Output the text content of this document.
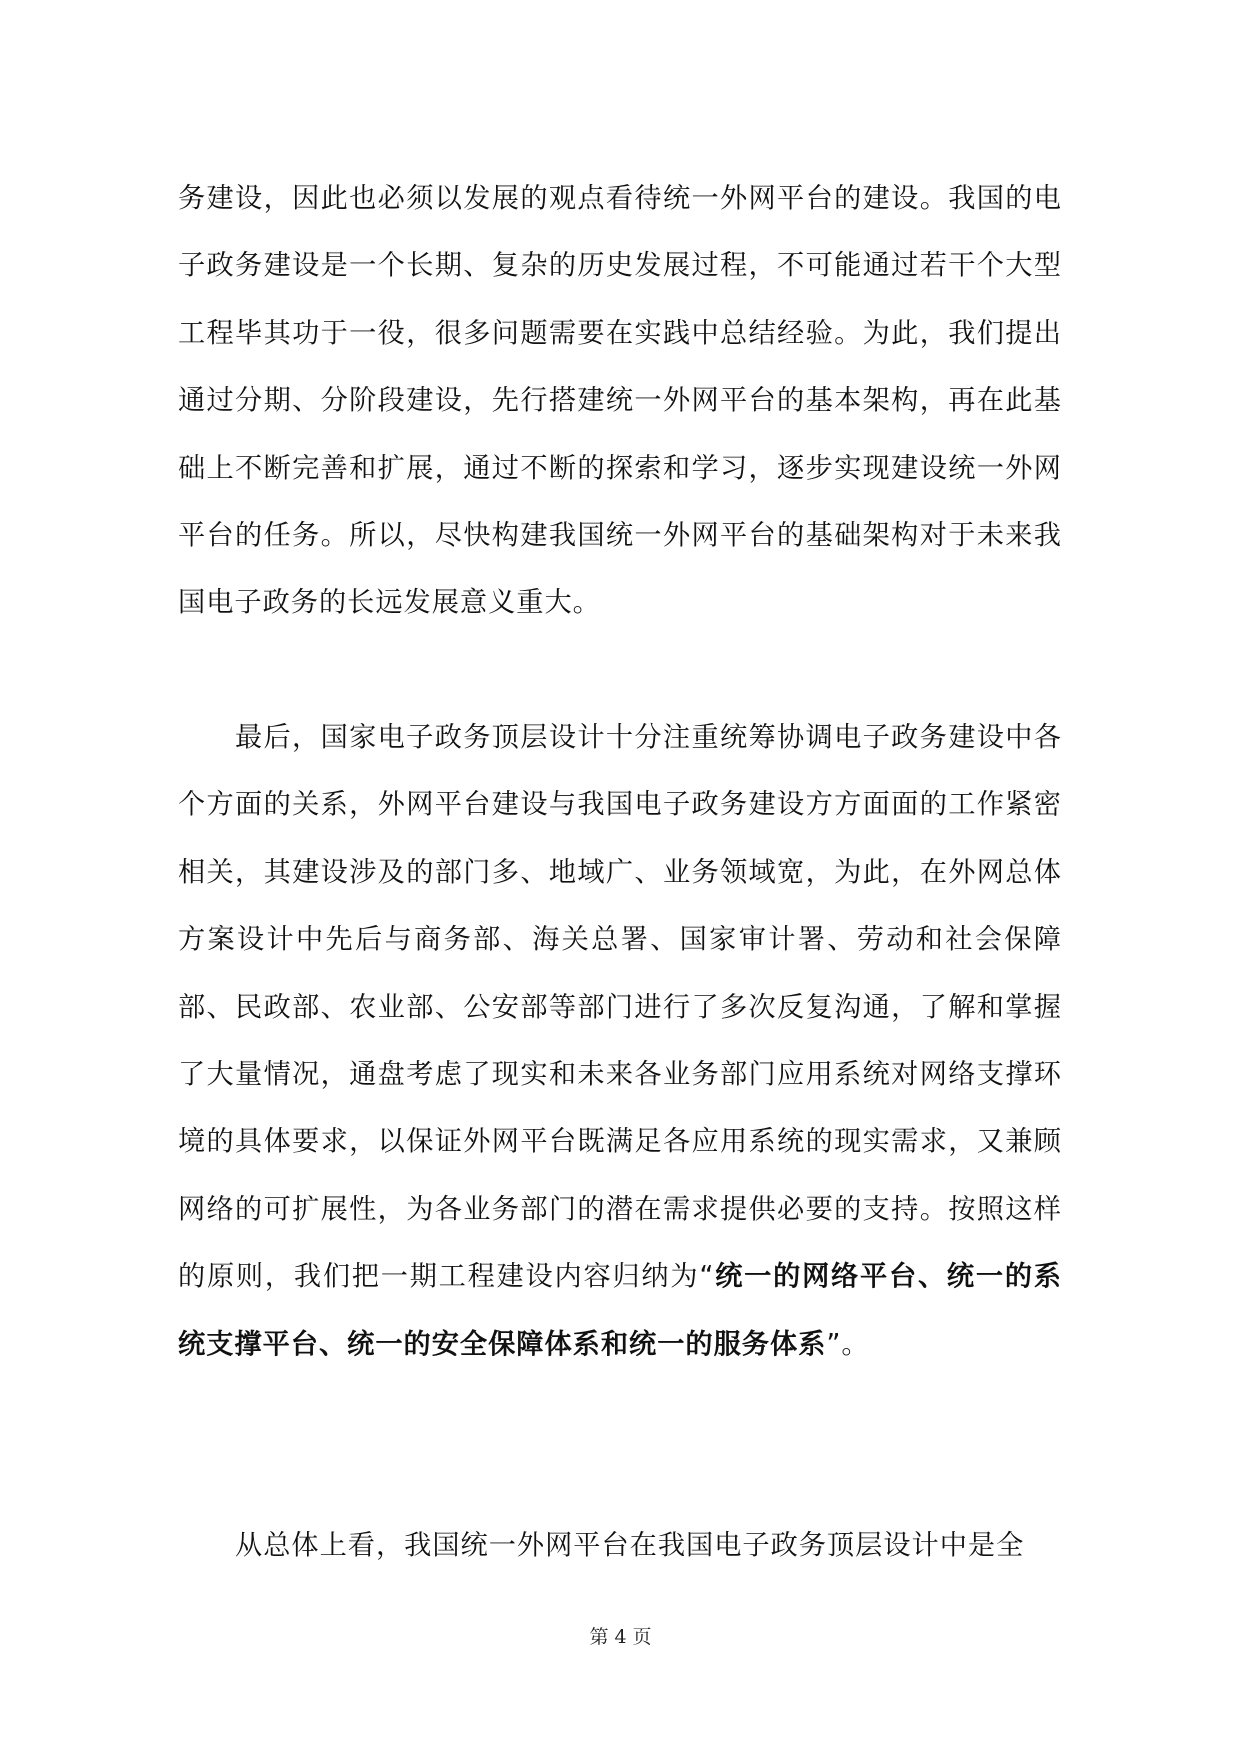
务建设，因此也必须以发展的观点看待统一外网平台的建设。我国的电子政务建设是一个长期、复杂的历史发展过程，不可能通过若干个大型工程毕其功于一役，很多问题需要在实践中总结经验。为此，我们提出通过分期、分阶段建设，先行搭建统一外网平台的基本架构，再在此基础上不断完善和扩展，通过不断的探索和学习，逐步实现建设统一外网平台的任务。所以，尽快构建我国统一外网平台的基础架构对于未来我国电子政务的长远发展意义重大。

最后，国家电子政务顶层设计十分注重统筹协调电子政务建设中各个方面的关系，外网平台建设与我国电子政务建设方方面面的工作紧密相关，其建设涉及的部门多、地域广、业务领域宽，为此，在外网总体方案设计中先后与商务部、海关总署、国家审计署、劳动和社会保障部、民政部、农业部、公安部等部门进行了多次反复沟通，了解和掌握了大量情况，通盘考虑了现实和未来各业务部门应用系统对网络支撑环境的具体要求，以保证外网平台既满足各应用系统的现实需求，又兼顾网络的可扩展性，为各业务部门的潜在需求提供必要的支持。按照这样的原则，我们把一期工程建设内容归纳为“统一的网络平台、统一的系统支撑平台、统一的安全保障体系和统一的服务体系”。

从总体上看，我国统一外网平台在我国电子政务顶层设计中是全

第 4 页
